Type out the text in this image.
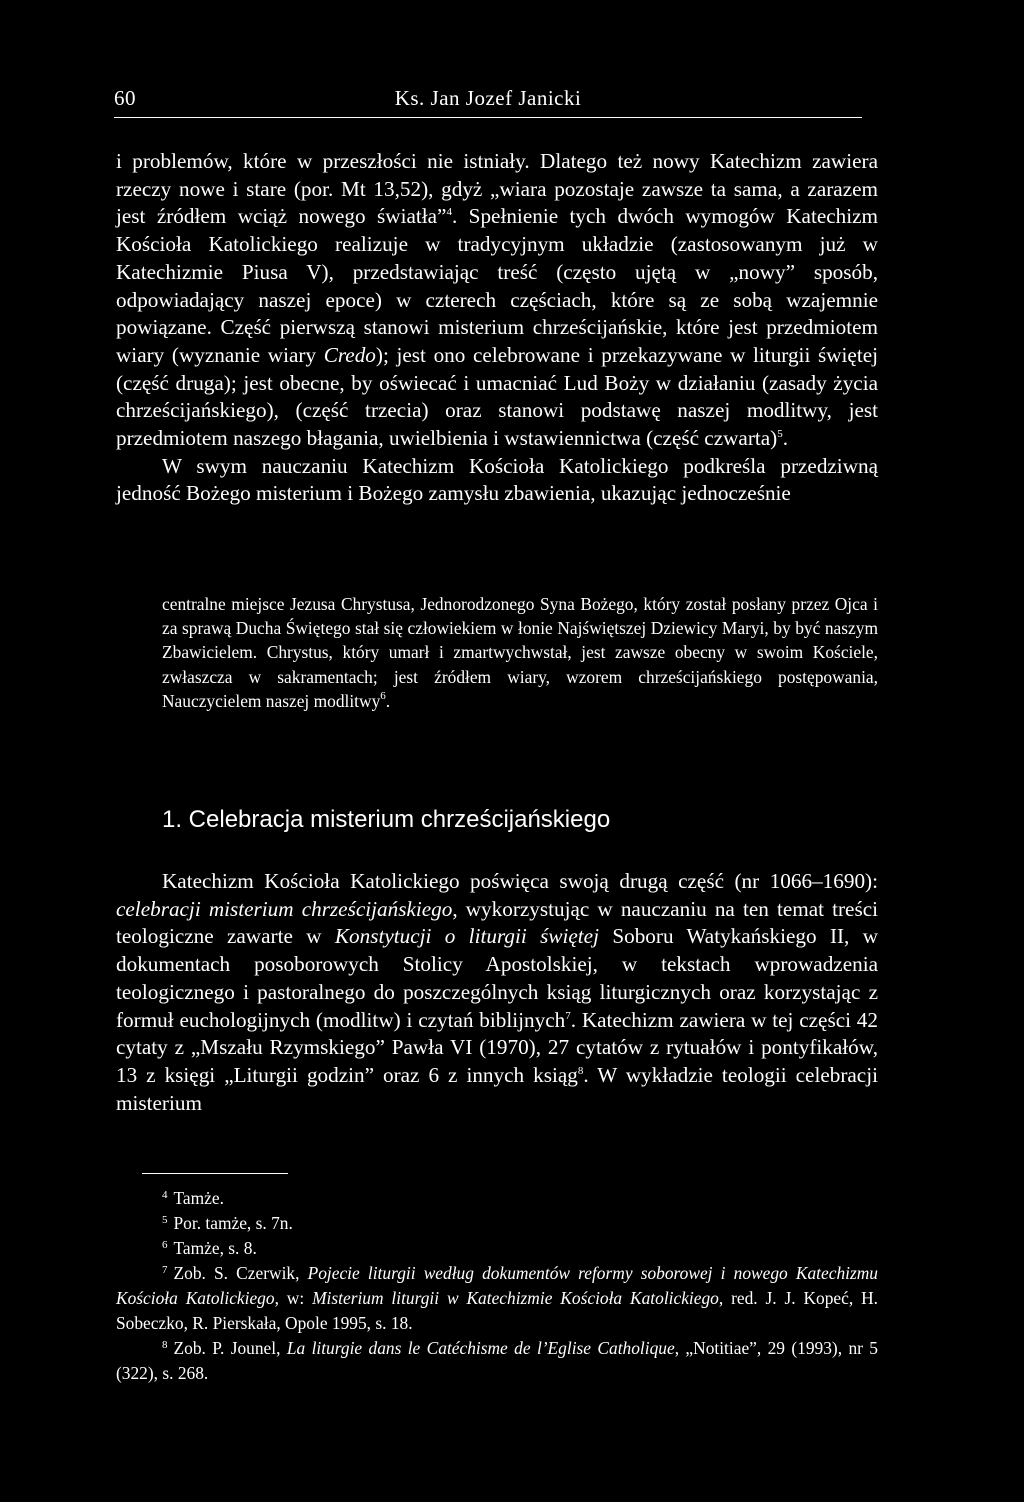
60	Ks. Jan Jozef Janicki

i problemów, które w przeszłości nie istniały. Dlatego też nowy Katechizm zawiera rzeczy nowe i stare (por. Mt 13,52), gdyż „wiara pozostaje zawsze ta sama, a zarazem jest źródłem wciąż nowego światła”$^4$. Spełnienie tych dwóch wymogów Katechizm Kościoła Katolickiego realizuje w tradycyjnym układzie (zastosowanym już w Katechizmie Piusa V), przedstawiając treść (często ujętą w „nowy” sposób, odpowiadający naszej epoce) w czterech częściach, które są ze sobą wzajemnie powiązane. Część pierwszą stanowi misterium chrześcijańskie, które jest przedmiotem wiary (wyznanie wiary Credo); jest ono celebrowane i przekazywane w liturgii świętej (część druga); jest obecne, by oświecać i umacniać Lud Boży w działaniu (zasady życia chrześcijańskiego), (część trzecia) oraz stanowi podstawę naszej modlitwy, jest przedmiotem naszego błagania, uwielbienia i wstawiennictwa (część czwarta)$^5$.

W swym nauczaniu Katechizm Kościoła Katolickiego podkreśla przedziwną jedność Bożego misterium i Bożego zamysłu zbawienia, ukazując jednocześnie

centralne miejsce Jezusa Chrystusa, Jednorodzonego Syna Bożego, który został posłany przez Ojca i za sprawą Ducha Świętego stał się człowiekiem w łonie Najświętszej Dziewicy Maryi, by być naszym Zbawicielem. Chrystus, który umarł i zmartwychwstał, jest zawsze obecny w swoim Kościele, zwłaszcza w sakramentach; jest źródłem wiary, wzorem chrześcijańskiego postępowania, Nauczycielem naszej modlitwy$^6$.
1. Celebracja misterium chrześcijańskiego

Katechizm Kościoła Katolickiego poświęca swoją drugą część (nr 1066–1690): celebracji misterium chrześcijańskiego, wykorzystując w nauczaniu na ten temat treści teologiczne zawarte w Konstytucji o liturgii świętej Soboru Watykańskiego II, w dokumentach posoborowych Stolicy Apostolskiej, w tekstach wprowadzenia teologicznego i pastoralnego do poszczególnych ksiąg liturgicznych oraz korzystając z formuł euchologijnych (modlitw) i czytań biblijnych$^7$. Katechizm zawiera w tej części 42 cytaty z „Mszału Rzymskiego” Pawła VI (1970), 27 cytatów z rytuałów i pontyfikałów, 13 z księgi „Liturgii godzin” oraz 6 z innych ksiąg$^8$. W wykładzie teologii celebracji misterium

$^4$ Tamże.
$^5$ Por. tamże, s. 7n.
$^6$ Tamże, s. 8.
$^7$ Zob. S. Czerwik, Pojecie liturgii według dokumentów reformy soborowej i nowego Katechizmu Kościoła Katolickiego, w: Misterium liturgii w Katechizmie Kościoła Katolickiego, red. J. J. Kopeć, H. Sobeczko, R. Pierskała, Opole 1995, s. 18.
$^8$ Zob. P. Jounel, La liturgie dans le Catéchisme de l’Eglise Catholique, „Notitiae”, 29 (1993), nr 5 (322), s. 268.
